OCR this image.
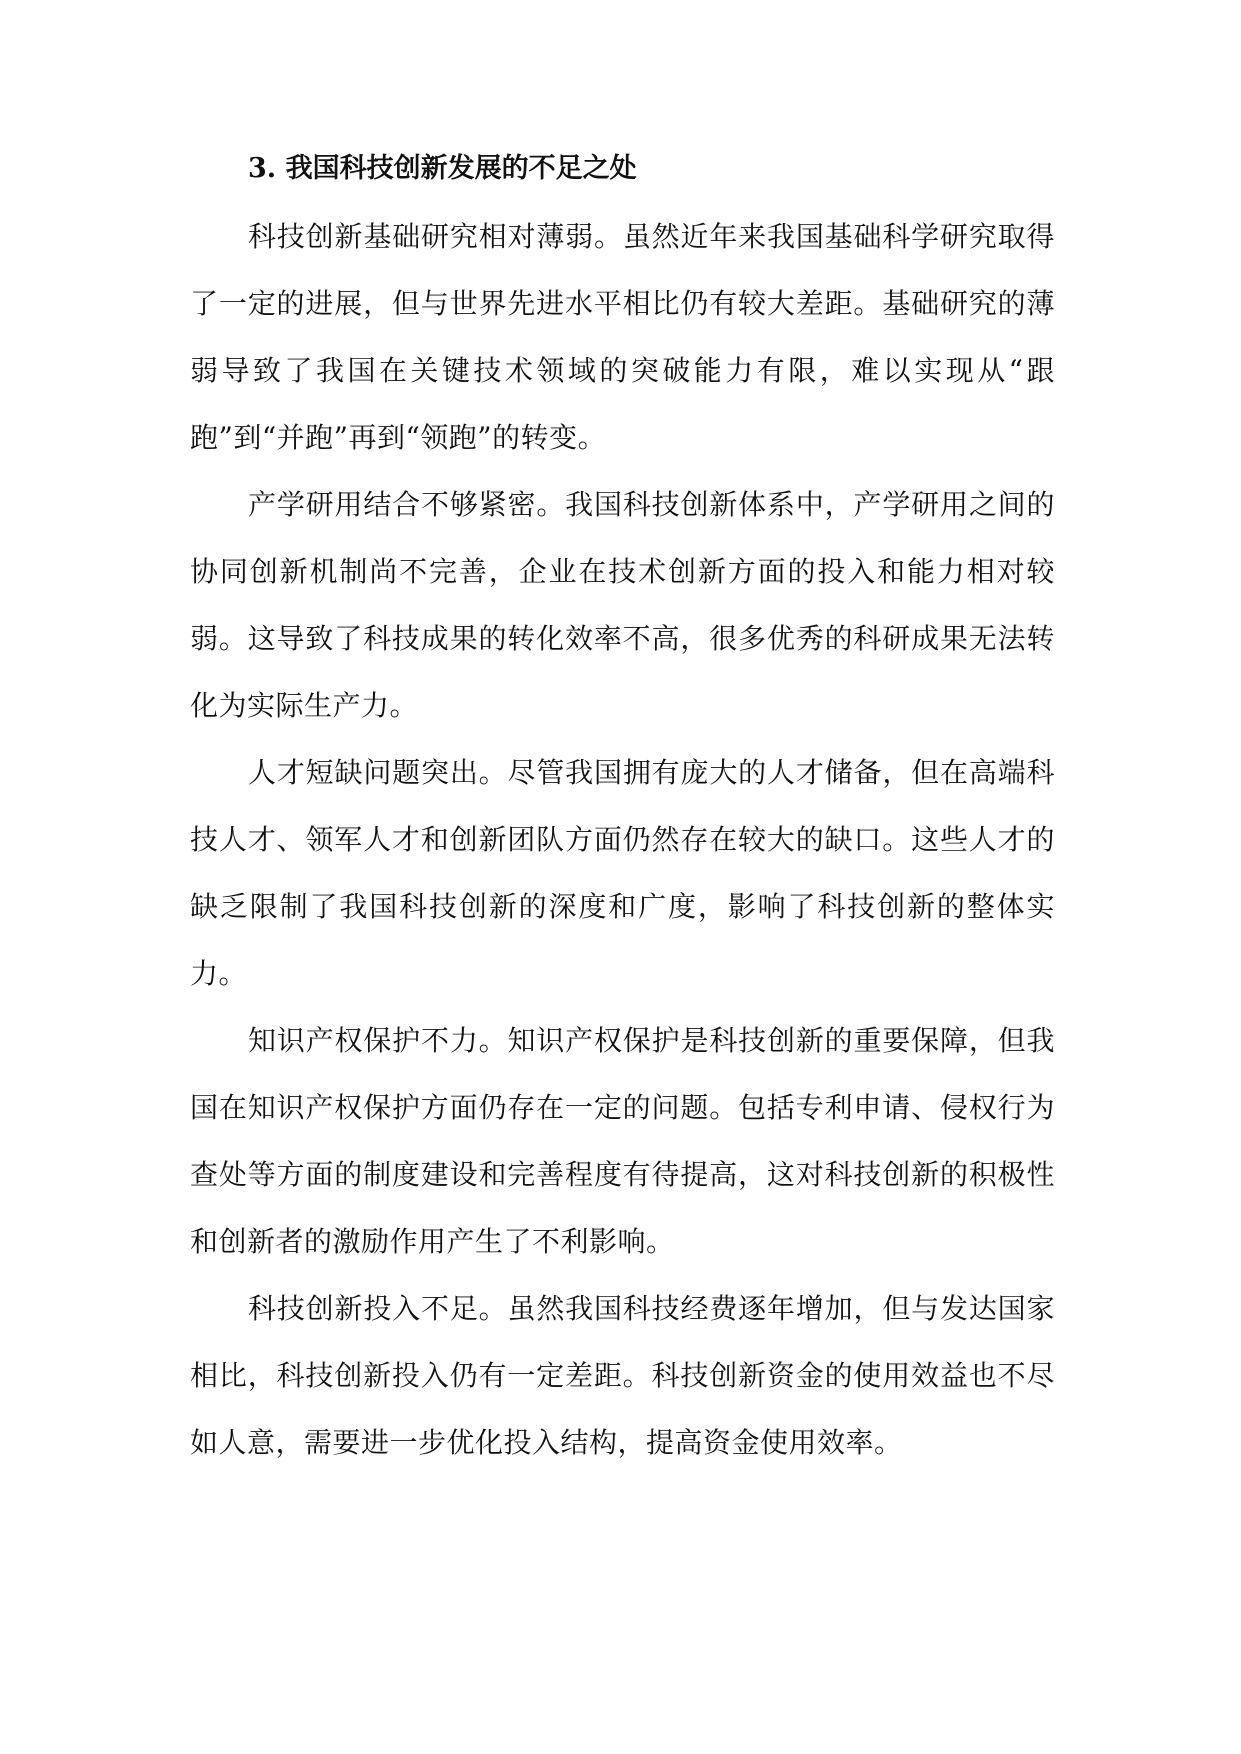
3. 我国科技创新发展的不足之处

科技创新基础研究相对薄弱。虽然近年来我国基础科学研究取得了一定的进展，但与世界先进水平相比仍有较大差距。基础研究的薄弱导致了我国在关键技术领域的突破能力有限，难以实现从“跟跑”到“并跑”再到“领跑”的转变。

产学研用结合不够紧密。我国科技创新体系中，产学研用之间的协同创新机制尚不完善，企业在技术创新方面的投入和能力相对较弱。这导致了科技成果的转化效率不高，很多优秀的科研成果无法转化为实际生产力。

人才短缺问题突出。尽管我国拥有庞大的人才储备，但在高端科技人才、领军人才和创新团队方面仍然存在较大的缺口。这些人才的缺乏限制了我国科技创新的深度和广度，影响了科技创新的整体实力。

知识产权保护不力。知识产权保护是科技创新的重要保障，但我国在知识产权保护方面仍存在一定的问题。包括专利申请、侵权行为查处等方面的制度建设和完善程度有待提高，这对科技创新的积极性和创新者的激励作用产生了不利影响。

科技创新投入不足。虽然我国科技经费逐年增加，但与发达国家相比，科技创新投入仍有一定差距。科技创新资金的使用效益也不尽如人意，需要进一步优化投入结构，提高资金使用效率。
